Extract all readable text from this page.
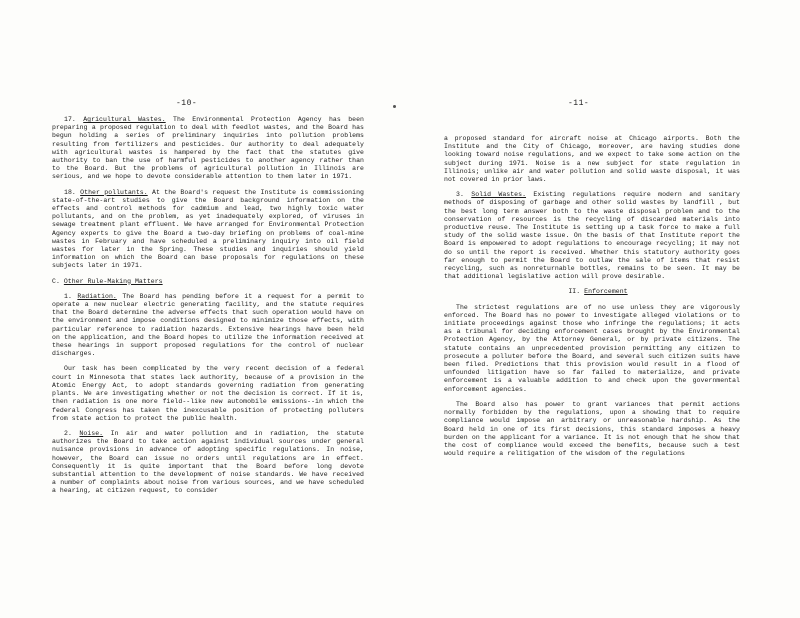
-10-

17. Agricultural Wastes. The Environmental Protection Agency has been preparing a proposed regulation to deal with feedlot wastes, and the Board has begun holding a series of preliminary inquiries into pollution problems resulting from fertilizers and pesticides. Our authority to deal adequately with agricultural wastes is hampered by the fact that the statutes give authority to ban the use of harmful pesticides to another agency rather than to the Board. But the problems of agricultural pollution in Illinois are serious, and we hope to devote considerable attention to them later in 1971.

18. Other pollutants. At the Board's request the Institute is commissioning state-of-the-art studies to give the Board background information on the effects and control methods for cadmium and lead, two highly toxic water pollutants, and on the problem, as yet inadequately explored, of viruses in sewage treatment plant effluent. We have arranged for Environmental Protection Agency experts to give the Board a two-day briefing on problems of coal-mine wastes in February and have scheduled a preliminary inquiry into oil field wastes for later in the Spring. These studies and inquiries should yield information on which the Board can base proposals for regulations on these subjects later in 1971.

C. Other Rule-Making Matters

1. Radiation. The Board has pending before it a request for a permit to operate a new nuclear electric generating facility, and the statute requires that the Board determine the adverse effects that such operation would have on the environment and impose conditions designed to minimize those effects, with particular reference to radiation hazards. Extensive hearings have been held on the application, and the Board hopes to utilize the information received at these hearings in support proposed regulations for the control of nuclear discharges.

Our task has been complicated by the very recent decision of a federal court in Minnesota that states lack authority, because of a provision in the Atomic Energy Act, to adopt standards governing radiation from generating plants. We are investigating whether or not the decision is correct. If it is, then radiation is one more field--like new automobile emissions--in which the federal Congress has taken the inexcusable position of protecting polluters from state action to protect the public health.

2. Noise. In air and water pollution and in radiation, the statute authorizes the Board to take action against individual sources under general nuisance provisions in advance of adopting specific regulations. In noise, however, the Board can issue no orders until regulations are in effect. Consequently it is quite important that the Board before long devote substantial attention to the development of noise standards. We have received a number of complaints about noise from various sources, and we have scheduled a hearing, at citizen request, to consider

-11-

a proposed standard for aircraft noise at Chicago airports. Both the Institute and the City of Chicago, moreover, are having studies done looking toward noise regulations, and we expect to take some action on the subject during 1971. Noise is a new subject for state regulation in Illinois; unlike air and water pollution and solid waste disposal, it was not covered in prior laws.

3. Solid Wastes. Existing regulations require modern and sanitary methods of disposing of garbage and other solid wastes by landfill , but the best long term answer both to the waste disposal problem and to the conservation of resources is the recycling of discarded materials into productive reuse. The Institute is setting up a task force to make a full study of the solid waste issue. On the basis of that Institute report the Board is empowered to adopt regulations to encourage recycling; it may not do so until the report is received. Whether this statutory authority goes far enough to permit the Board to outlaw the sale of items that resist recycling, such as nonreturnable bottles, remains to be seen. It may be that additional legislative action will prove desirable.

II. Enforcement

The strictest regulations are of no use unless they are vigorously enforced. The Board has no power to investigate alleged violations or to initiate proceedings against those who infringe the regulations; it acts as a tribunal for deciding enforcement cases brought by the Environmental Protection Agency, by the Attorney General, or by private citizens. The statute contains an unprecedented provision permitting any citizen to prosecute a polluter before the Board, and several such citizen suits have been filed. Predictions that this provision would result in a flood of unfounded litigation have so far failed to materialize, and private enforcement is a valuable addition to and check upon the governmental enforcement agencies.

The Board also has power to grant variances that permit actions normally forbidden by the regulations, upon a showing that to require compliance would impose an arbitrary or unreasonable hardship. As the Board held in one of its first decisions, this standard imposes a heavy burden on the applicant for a variance. It is not enough that he show that the cost of compliance would exceed the benefits, because such a test would require a relitigation of the wisdom of the regulations
